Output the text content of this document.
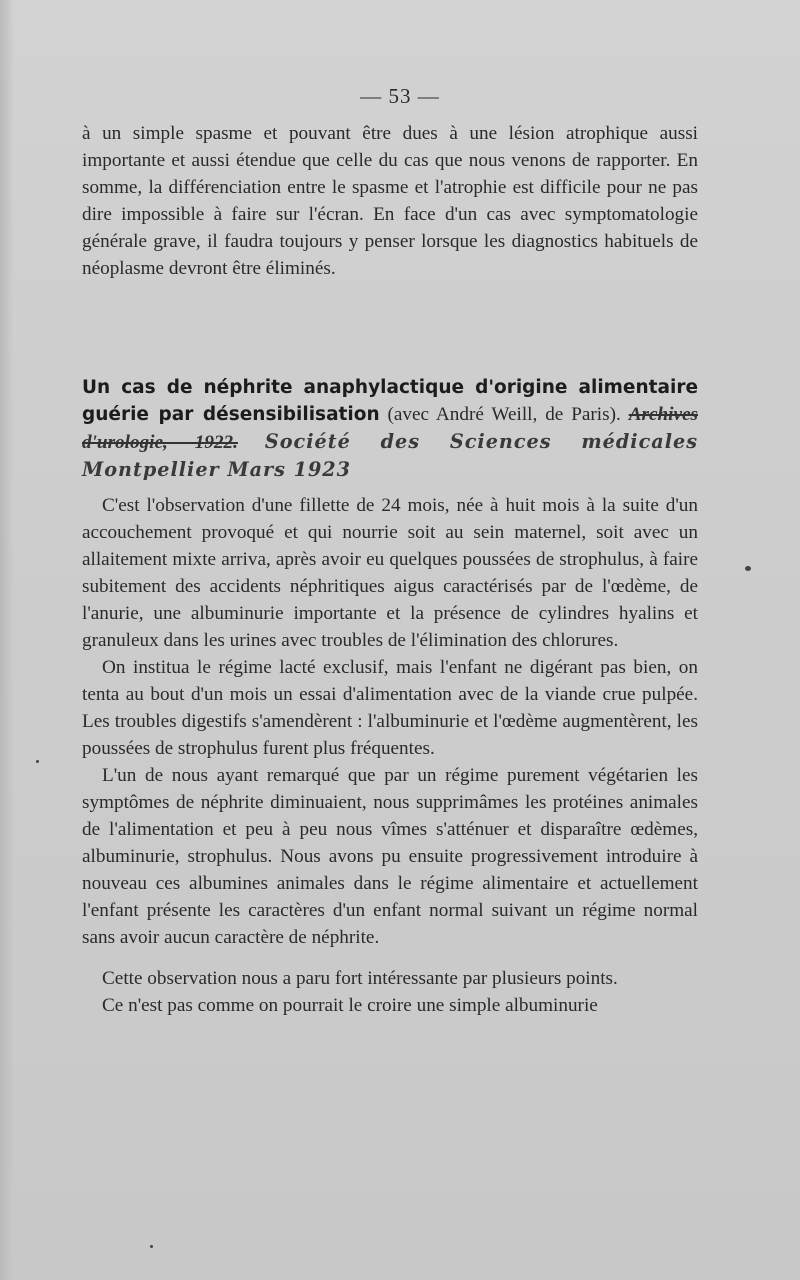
— 53 —

à un simple spasme et pouvant être dues à une lésion atrophique aussi importante et aussi étendue que celle du cas que nous venons de rapporter. En somme, la différenciation entre le spasme et l'atrophie est difficile pour ne pas dire impossible à faire sur l'écran. En face d'un cas avec symptomatologie générale grave, il faudra toujours y penser lorsque les diagnostics habituels de néoplasme devront être éliminés.

Un cas de néphrite anaphylactique d'origine alimentaire guérie par désensibilisation (avec André Weill, de Paris). Archives d'urologie, 1922. Société des Sciences médicales Montpellier Mars 1923

C'est l'observation d'une fillette de 24 mois, née à huit mois à la suite d'un accouchement provoqué et qui nourrie soit au sein maternel, soit avec un allaitement mixte arriva, après avoir eu quelques poussées de strophulus, à faire subitement des accidents néphritiques aigus caractérisés par de l'œdème, de l'anurie, une albuminurie importante et la présence de cylindres hyalins et granuleux dans les urines avec troubles de l'élimination des chlorures.

On institua le régime lacté exclusif, mais l'enfant ne digérant pas bien, on tenta au bout d'un mois un essai d'alimentation avec de la viande crue pulpée. Les troubles digestifs s'amendèrent : l'albuminurie et l'œdème augmentèrent, les poussées de strophulus furent plus fréquentes.

L'un de nous ayant remarqué que par un régime purement végétarien les symptômes de néphrite diminuaient, nous supprimâmes les protéines animales de l'alimentation et peu à peu nous vîmes s'atténuer et disparaître œdèmes, albuminurie, strophulus. Nous avons pu ensuite progressivement introduire à nouveau ces albumines animales dans le régime alimentaire et actuellement l'enfant présente les caractères d'un enfant normal suivant un régime normal sans avoir aucun caractère de néphrite.

Cette observation nous a paru fort intéressante par plusieurs points.

Ce n'est pas comme on pourrait le croire une simple albuminurie
